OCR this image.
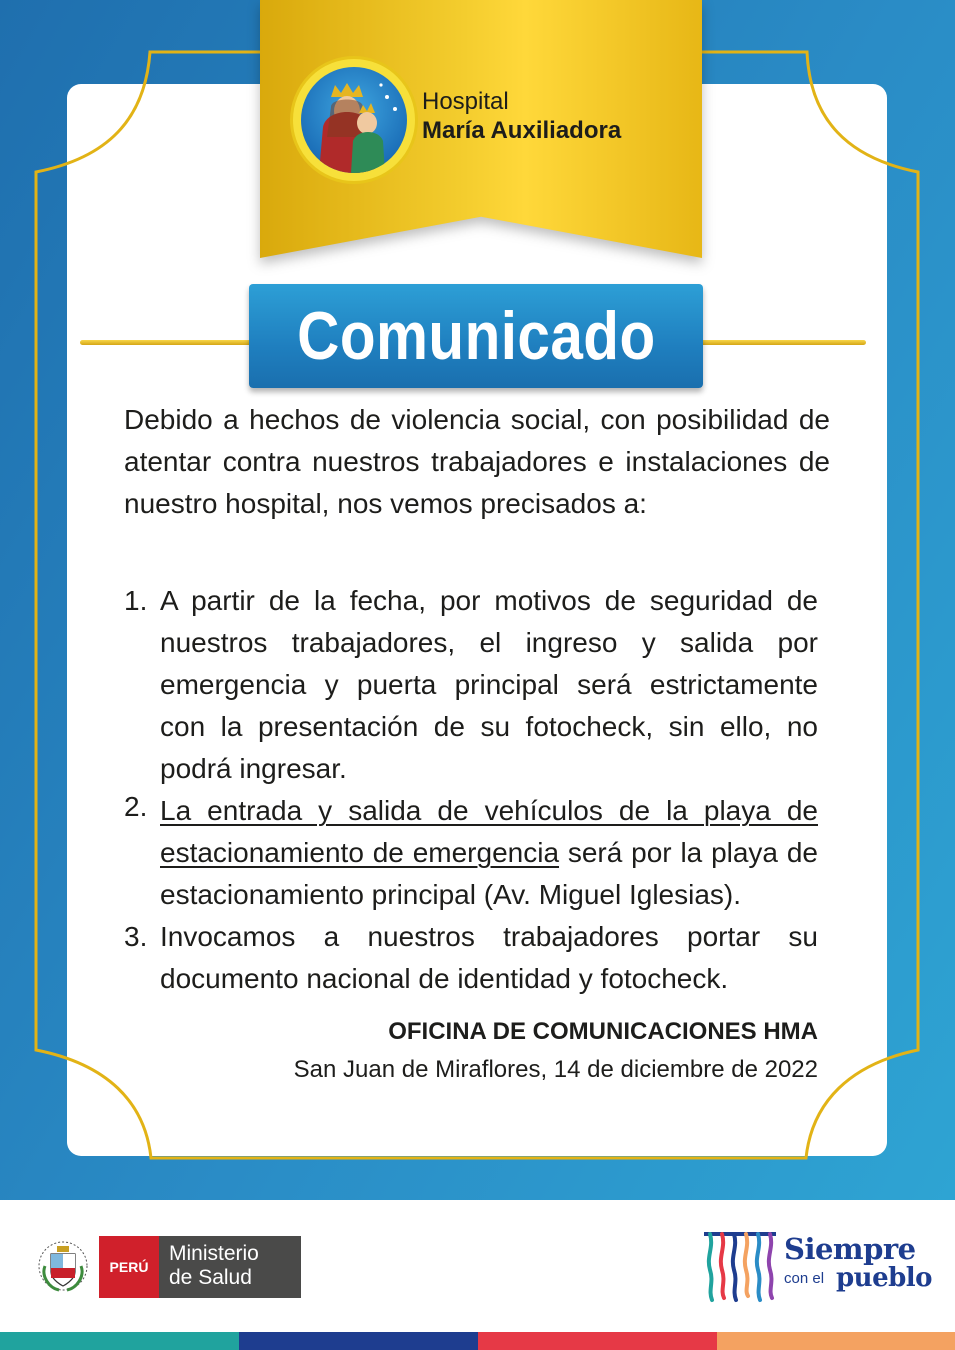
Hospital
María Auxiliadora
Comunicado
Debido a hechos de violencia social, con posibilidad de atentar contra nuestros trabajadores e instalaciones de nuestro hospital, nos vemos precisados a:
1. A partir de la fecha, por motivos de seguridad de nuestros trabajadores, el ingreso y salida por emergencia y puerta principal será estrictamente con la presentación de su fotocheck, sin ello, no podrá ingresar.
2. La entrada y salida de vehículos de la playa de estacionamiento de emergencia será por la playa de estacionamiento principal (Av. Miguel Iglesias).
3. Invocamos a nuestros trabajadores portar su documento nacional de identidad y fotocheck.
OFICINA DE COMUNICACIONES HMA
San Juan de Miraflores, 14 de diciembre de 2022
PERÚ
Ministerio
de Salud
Siempre
con el pueblo
